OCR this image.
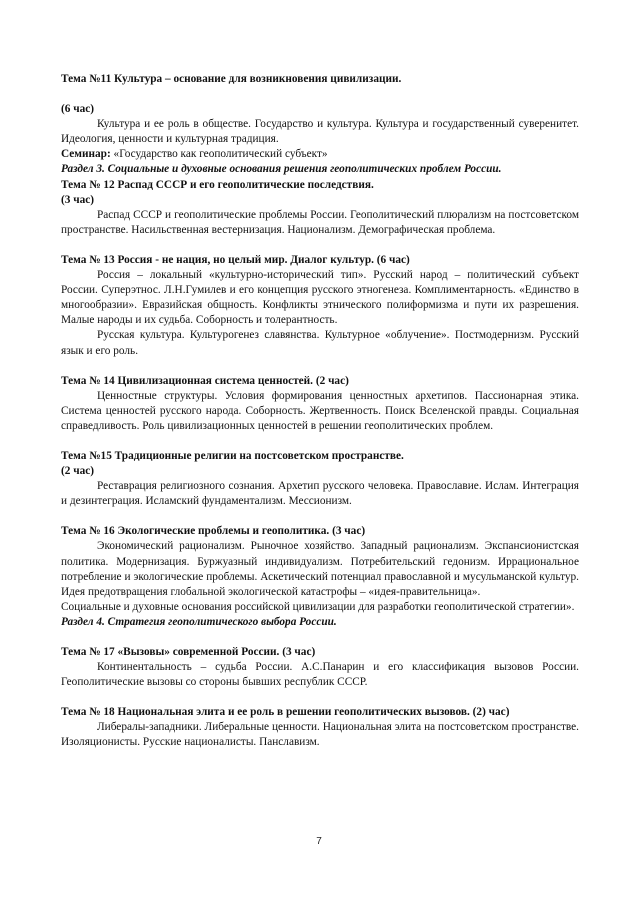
Тема №11 Культура – основание для возникновения цивилизации.

(6 час)

Культура и ее роль в обществе. Государство и культура. Культура и государственный суверенитет. Идеология, ценности и культурная традиция.

Семинар: «Государство как геополитический субъект»

Раздел 3. Социальные и духовные основания решения геополитических проблем России.

Тема № 12 Распад СССР и его геополитические последствия.

(3 час)

Распад СССР и геополитические проблемы России. Геополитический плюрализм на постсоветском пространстве. Насильственная вестернизация. Национализм. Демографическая проблема.

Тема № 13 Россия - не нация, но целый мир. Диалог культур. (6 час)

Россия – локальный «культурно-исторический тип». Русский народ – политический субъект России. Суперэтнос. Л.Н.Гумилев и его концепция русского этногенеза. Комплиментарность. «Единство в многообразии». Евразийская общность. Конфликты этнического полиформизма и пути их разрешения. Малые народы и их судьба. Соборность и толерантность.

Русская культура. Культурогенез славянства. Культурное «облучение». Постмодернизм. Русский язык и его роль.

Тема № 14 Цивилизационная система ценностей. (2 час)

Ценностные структуры. Условия формирования ценностных архетипов. Пассионарная этика. Система ценностей русского народа. Соборность. Жертвенность. Поиск Вселенской правды. Социальная справедливость. Роль цивилизационных ценностей в решении геополитических проблем.

Тема №15 Традиционные религии на постсоветском пространстве.

(2 час)

Реставрация религиозного сознания. Архетип русского человека. Православие. Ислам. Интеграция и дезинтеграция. Исламский фундаментализм. Мессионизм.

Тема № 16 Экологические проблемы и геополитика. (3 час)

Экономический рационализм. Рыночное хозяйство. Западный рационализм. Экспансионистская политика. Модернизация. Буржуазный индивидуализм. Потребительский гедонизм. Иррациональное потребление и экологические проблемы. Аскетический потенциал православной и мусульманской культур. Идея предотвращения глобальной экологической катастрофы – «идея-правительница».

Социальные и духовные основания российской цивилизации для разработки геополитической стратегии».

Раздел 4. Стратегия геополитического выбора России.

Тема № 17 «Вызовы» современной России. (3 час)

Континентальность – судьба России. А.С.Панарин и его классификация вызовов России. Геополитические вызовы со стороны бывших республик СССР.

Тема № 18 Национальная элита и ее роль в решении геополитических вызовов. (2) час)

Либералы-западники. Либеральные ценности. Национальная элита на постсоветском пространстве. Изоляционисты. Русские националисты. Панславизм.

7
